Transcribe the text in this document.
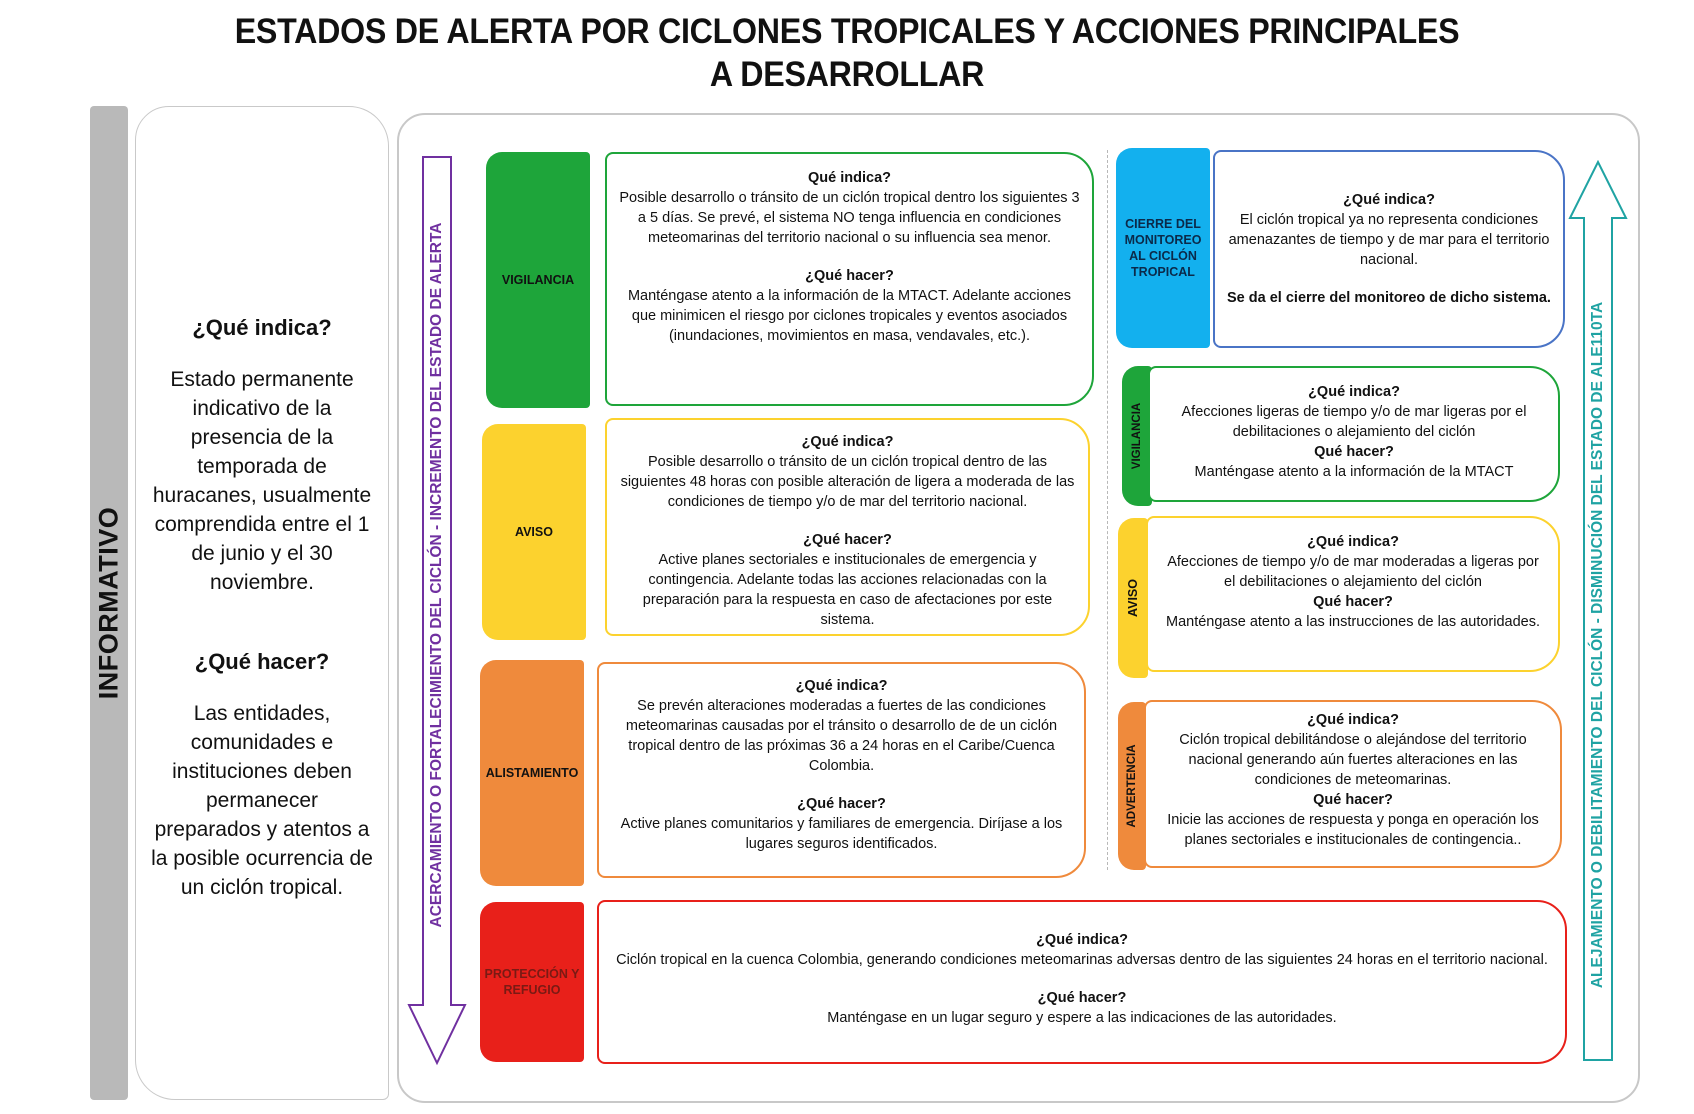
ESTADOS DE ALERTA POR CICLONES TROPICALES Y ACCIONES PRINCIPALES
A DESARROLLAR
INFORMATIVO
¿Qué indica?
Estado permanente indicativo de la presencia de la temporada de huracanes, usualmente comprendida entre el 1 de junio y el 30 noviembre.
¿Qué hacer?
Las entidades, comunidades e instituciones deben permanecer preparados y atentos a la posible ocurrencia de un ciclón tropical.	ACERCAMIENTO O FORTALECIMIENTO DEL CICLÓN - INCREMENTO DEL ESTADO DE ALERTA	ALEJAMIENTO O DEBILITAMIENTO DEL CICLÓN - DISMINUCIÓN DEL ESTADO DE ALE110TA
VIGILANCIA

Qué indica?

Posible desarrollo o tránsito de un ciclón tropical dentro los siguientes 3 a 5 días. Se prevé, el sistema NO tenga influencia en condiciones meteomarinas del territorio nacional o su influencia sea menor.

¿Qué hacer?

Manténgase atento a la información de la MTACT. Adelante acciones que minimicen el riesgo por ciclones tropicales y eventos asociados (inundaciones, movimientos en masa, vendavales, etc.).

AVISO

¿Qué indica?

Posible desarrollo o tránsito de un ciclón tropical dentro de las siguientes 48 horas con posible alteración de ligera a moderada de las condiciones de tiempo y/o de mar del territorio nacional.

¿Qué hacer?

Active planes sectoriales e institucionales de emergencia y contingencia. Adelante todas las acciones relacionadas con la preparación para la respuesta en caso de afectaciones por este sistema.

ALISTAMIENTO

¿Qué indica?

Se prevén alteraciones moderadas a fuertes de las condiciones meteomarinas causadas por el tránsito o desarrollo de de un ciclón tropical dentro de las próximas 36 a 24 horas en el Caribe/Cuenca Colombia.

¿Qué hacer?

Active planes comunitarios y familiares de emergencia. Diríjase a los lugares seguros identificados.

PROTECCIÓN Y REFUGIO

¿Qué indica?

Ciclón tropical en la cuenca Colombia, generando condiciones meteomarinas adversas dentro de las siguientes 24 horas en el territorio nacional.

¿Qué hacer?

Manténgase en un lugar seguro y espere a las indicaciones de las autoridades.

CIERRE DEL MONITOREO AL CICLÓN TROPICAL

¿Qué indica?

El ciclón tropical ya no representa condiciones amenazantes de tiempo y de mar para el territorio nacional.

Se da el cierre del monitoreo de dicho sistema.

VIGILANCIA

¿Qué indica?

Afecciones ligeras de tiempo y/o de mar ligeras por el debilitaciones o alejamiento del ciclón

Qué hacer?

Manténgase atento a la información de la MTACT

AVISO

¿Qué indica?

Afecciones de tiempo y/o de mar moderadas a ligeras por el debilitaciones o alejamiento del ciclón

Qué hacer?

Manténgase atento a las instrucciones de las autoridades.

ADVERTENCIA

¿Qué indica?

Ciclón tropical debilitándose o alejándose del territorio nacional generando aún fuertes alteraciones en las condiciones de meteomarinas.

Qué hacer?

Inicie las acciones de respuesta y ponga en operación los planes sectoriales e institucionales de contingencia..
